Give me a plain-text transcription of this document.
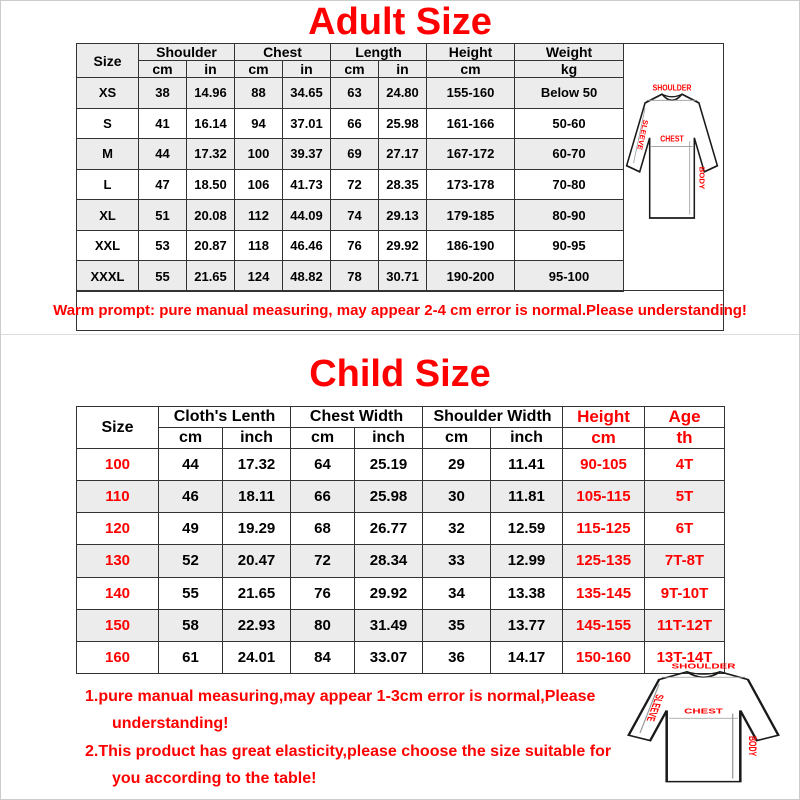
Adult Size
Size	Shoulder		Chest		Length		Height	Weight
	cm	in	cm	in	cm	in	cm	kg
XS	38	14.96	88	34.65	63	24.80	155-160	Below 50
S	41	16.14	94	37.01	66	25.98	161-166	50-60
M	44	17.32	100	39.37	69	27.17	167-172	60-70
L	47	18.50	106	41.73	72	28.35	173-178	70-80
XL	51	20.08	112	44.09	74	29.13	179-185	80-90
XXL	53	20.87	118	46.46	76	29.92	186-190	90-95
XXXL	55	21.65	124	48.82	78	30.71	190-200	95-100
SHOULDER
CHEST
SLEEVE
BODY
Warm prompt: pure manual measuring, may appear 2-4 cm error is normal.Please understanding!
Child Size
Size	Cloth's Lenth		Chest Width		Shoulder Width		Height	Age
	cm	inch	cm	inch	cm	inch	cm	th
100	44	17.32	64	25.19	29	11.41	90-105	4T
110	46	18.11	66	25.98	30	11.81	105-115	5T
120	49	19.29	68	26.77	32	12.59	115-125	6T
130	52	20.47	72	28.34	33	12.99	125-135	7T-8T
140	55	21.65	76	29.92	34	13.38	135-145	9T-10T
150	58	22.93	80	31.49	35	13.77	145-155	11T-12T
160	61	24.01	84	33.07	36	14.17	150-160	13T-14T
1.pure manual measuring,may appear 1-3cm error is normal,Please understanding!
2.This product has great elasticity,please choose the size suitable for you according to the table!
SHOULDER
CHEST
SLEEVE
BODY
